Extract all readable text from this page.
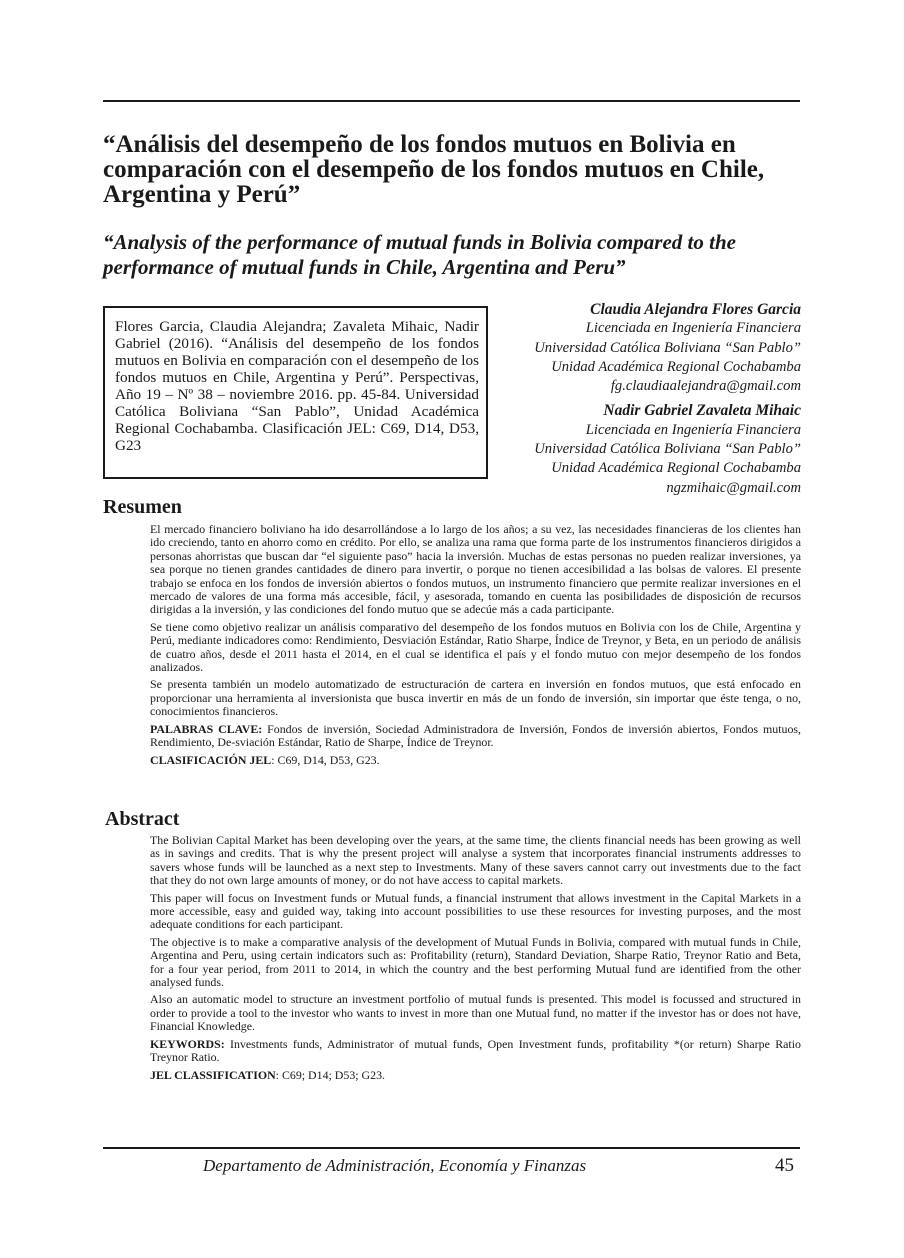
“Análisis del desempeño de los fondos mutuos en Bolivia en comparación con el desempeño de los fondos mutuos en Chile, Argentina y Perú”
“Analysis of the performance of mutual funds in Bolivia compared to the performance of mutual funds in Chile, Argentina and Peru”
Flores Garcia, Claudia Alejandra; Zavaleta Mihaic, Nadir Gabriel (2016). “Análisis del desempeño de los fondos mutuos en Bolivia en comparación con el desempeño de los fondos mutuos en Chile, Argentina y Perú”. Perspectivas, Año 19 – Nº 38 – noviembre 2016. pp. 45-84. Universidad Católica Boliviana “San Pablo”, Unidad Académica Regional Cochabamba. Clasificación JEL: C69, D14, D53, G23
Claudia Alejandra Flores Garcia
Licenciada en Ingeniería Financiera
Universidad Católica Boliviana “San Pablo”
Unidad Académica Regional Cochabamba
fg.claudiaalejandra@gmail.com
Nadir Gabriel Zavaleta Mihaic
Licenciada en Ingeniería Financiera
Universidad Católica Boliviana “San Pablo”
Unidad Académica Regional Cochabamba
ngzmihaic@gmail.com
Resumen

El mercado financiero boliviano ha ido desarrollándose a lo largo de los años; a su vez, las necesidades financieras de los clientes han ido creciendo, tanto en ahorro como en crédito. Por ello, se analiza una rama que forma parte de los instrumentos financieros dirigidos a personas ahorristas que buscan dar “el siguiente paso” hacia la inversión. Muchas de estas personas no pueden realizar inversiones, ya sea porque no tienen grandes cantidades de dinero para invertir, o porque no tienen accesibilidad a las bolsas de valores. El presente trabajo se enfoca en los fondos de inversión abiertos o fondos mutuos, un instrumento financiero que permite realizar inversiones en el mercado de valores de una forma más accesible, fácil, y asesorada, tomando en cuenta las posibilidades de disposición de recursos dirigidas a la inversión, y las condiciones del fondo mutuo que se adecúe más a cada participante.

Se tiene como objetivo realizar un análisis comparativo del desempeño de los fondos mutuos en Bolivia con los de Chile, Argentina y Perú, mediante indicadores como: Rendimiento, Desviación Estándar, Ratio Sharpe, Índice de Treynor, y Beta, en un periodo de análisis de cuatro años, desde el 2011 hasta el 2014, en el cual se identifica el país y el fondo mutuo con mejor desempeño de los fondos analizados.

Se presenta también un modelo automatizado de estructuración de cartera en inversión en fondos mutuos, que está enfocado en proporcionar una herramienta al inversionista que busca invertir en más de un fondo de inversión, sin importar que éste tenga, o no, conocimientos financieros.

PALABRAS CLAVE: Fondos de inversión, Sociedad Administradora de Inversión, Fondos de inversión abiertos, Fondos mutuos, Rendimiento, De-sviación Estándar, Ratio de Sharpe, Índice de Treynor.

CLASIFICACIÓN JEL: C69, D14, D53, G23.

Abstract

The Bolivian Capital Market has been developing over the years, at the same time, the clients financial needs has been growing as well as in savings and credits. That is why the present project will analyse a system that incorporates financial instruments addresses to savers whose funds will be launched as a next step to Investments. Many of these savers cannot carry out investments due to the fact that they do not own large amounts of money, or do not have access to capital markets.

This paper will focus on Investment funds or Mutual funds, a financial instrument that allows investment in the Capital Markets in a more accessible, easy and guided way, taking into account possibilities to use these resources for investing purposes, and the most adequate conditions for each participant.

The objective is to make a comparative analysis of the development of Mutual Funds in Bolivia, compared with mutual funds in Chile, Argentina and Peru, using certain indicators such as: Profitability (return), Standard Deviation, Sharpe Ratio, Treynor Ratio and Beta, for a four year period, from 2011 to 2014, in which the country and the best performing Mutual fund are identified from the other analysed funds.

Also an automatic model to structure an investment portfolio of mutual funds is presented. This model is focussed and structured in order to provide a tool to the investor who wants to invest in more than one Mutual fund, no matter if the investor has or does not have, Financial Knowledge.

KEYWORDS: Investments funds, Administrator of mutual funds, Open Investment funds, profitability *(or return) Sharpe Ratio Treynor Ratio.

JEL CLASSIFICATION: C69; D14; D53; G23.

Departamento de Administración, Economía y Finanzas	45
